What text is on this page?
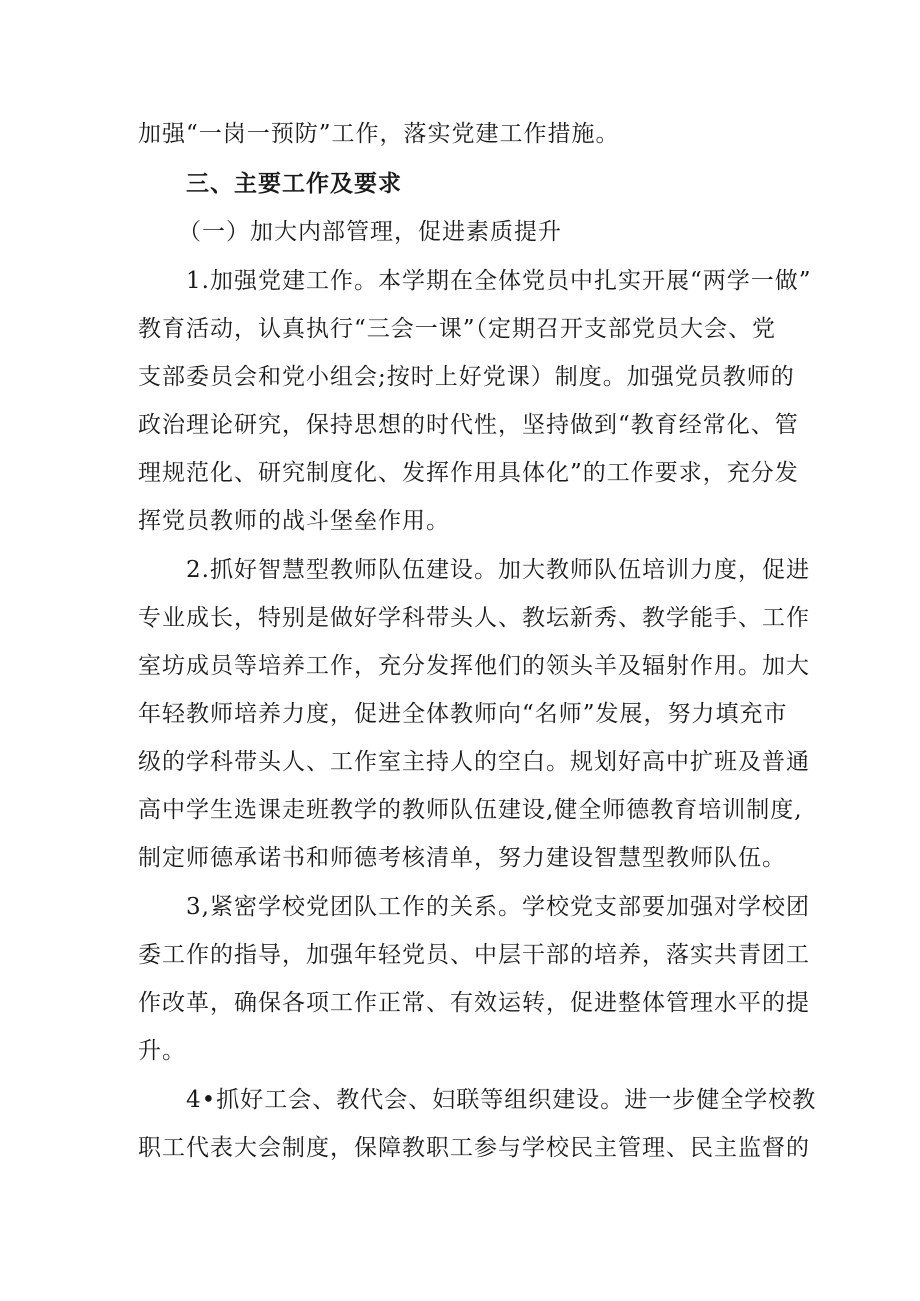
加强“一岗一预防”工作，落实党建工作措施。
三、主要工作及要求
（一）加大内部管理，促进素质提升
1.加强党建工作。本学期在全体党员中扎实开展“两学一做”
教育活动，认真执行“三会一课”（定期召开支部党员大会、党
支部委员会和党小组会;按时上好党课）制度。加强党员教师的
政治理论研究，保持思想的时代性，坚持做到“教育经常化、管
理规范化、研究制度化、发挥作用具体化”的工作要求，充分发
挥党员教师的战斗堡垒作用。
2.抓好智慧型教师队伍建设。加大教师队伍培训力度，促进
专业成长，特别是做好学科带头人、教坛新秀、教学能手、工作
室坊成员等培养工作，充分发挥他们的领头羊及辐射作用。加大
年轻教师培养力度，促进全体教师向“名师”发展，努力填充市
级的学科带头人、工作室主持人的空白。规划好高中扩班及普通
高中学生选课走班教学的教师队伍建设,健全师德教育培训制度,
制定师德承诺书和师德考核清单，努力建设智慧型教师队伍。
3,紧密学校党团队工作的关系。学校党支部要加强对学校团
委工作的指导，加强年轻党员、中层干部的培养，落实共青团工
作改革，确保各项工作正常、有效运转，促进整体管理水平的提
升。
4•抓好工会、教代会、妇联等组织建设。进一步健全学校教
职工代表大会制度，保障教职工参与学校民主管理、民主监督的
